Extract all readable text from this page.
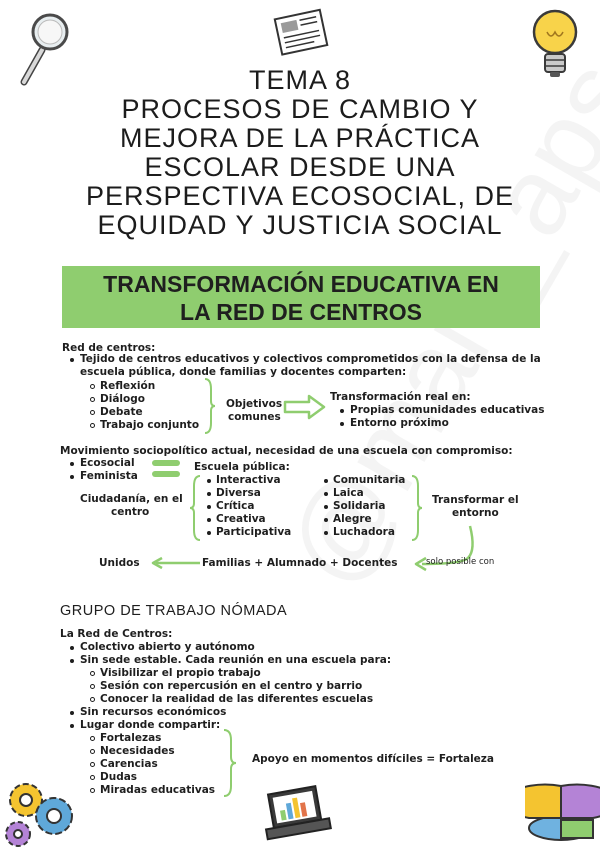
TEMA 8
PROCESOS DE CAMBIO Y
MEJORA DE LA PRÁCTICA
ESCOLAR DESDE UNA
PERSPECTIVA ECOSOCIAL, DE
EQUIDAD Y JUSTICIA SOCIAL
TRANSFORMACIÓN EDUCATIVA EN
LA RED DE CENTROS
Red de centros:
Tejido de centros educativos y colectivos comprometidos con la defensa de la
escuela pública, donde familias y docentes comparten:
Reflexión
Diálogo
Debate
Trabajo conjunto
Objetivos
comunes
Transformación real en:
Propias comunidades educativas
Entorno próximo
Movimiento sociopolítico actual, necesidad de una escuela con compromiso:
Ecosocial
Feminista
Escuela pública:
Ciudadanía, en el
centro
Interactiva
Diversa
Crítica
Creativa
Participativa
Comunitaria
Laica
Solidaria
Alegre
Luchadora
Transformar el
entorno
Unidos	Familias + Alumnado + Docentes	solo posible con
GRUPO DE TRABAJO NÓMADA
La Red de Centros:
Colectivo abierto y autónomo
Sin sede estable. Cada reunión en una escuela para:
Visibilizar el propio trabajo
Sesión con repercusión en el centro y barrio
Conocer la realidad de las diferentes escuelas
Sin recursos económicos
Lugar donde compartir:
Fortalezas
Necesidades
Carencias
Dudas
Miradas educativas
Apoyo en momentos difíciles = Fortaleza
